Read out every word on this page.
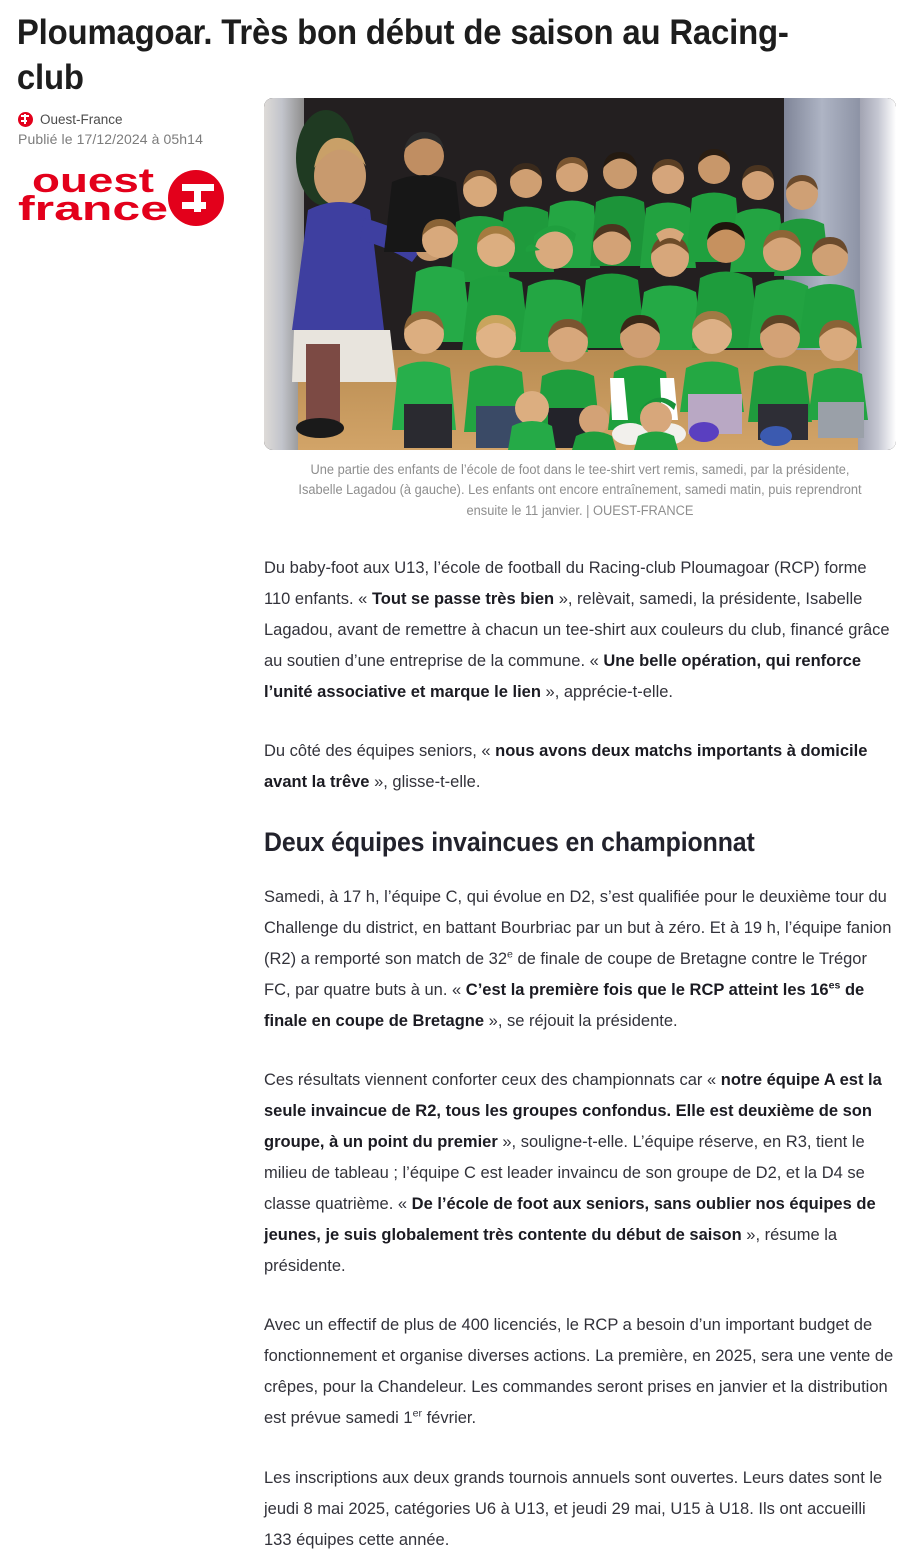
Ploumagoar. Très bon début de saison au Racing-club
Ouest-France
Publié le 17/12/2024 à 05h14
ouest
france
Une partie des enfants de l’école de foot dans le tee-shirt vert remis, samedi, par la présidente, Isabelle Lagadou (à gauche). Les enfants ont encore entraînement, samedi matin, puis reprendront ensuite le 11 janvier. | OUEST-FRANCE

Du baby-foot aux U13, l’école de football du Racing-club Ploumagoar (RCP) forme 110 enfants. « Tout se passe très bien », relèvait, samedi, la présidente, Isabelle Lagadou, avant de remettre à chacun un tee-shirt aux couleurs du club, financé grâce au soutien d’une entreprise de la commune. « Une belle opération, qui renforce l’unité associative et marque le lien », apprécie-t-elle.

Du côté des équipes seniors, « nous avons deux matchs importants à domicile avant la trêve », glisse-t-elle.

Deux équipes invaincues en championnat

Samedi, à 17 h, l’équipe C, qui évolue en D2, s’est qualifiée pour le deuxième tour du Challenge du district, en battant Bourbriac par un but à zéro. Et à 19 h, l’équipe fanion (R2) a remporté son match de 32e de finale de coupe de Bretagne contre le Trégor FC, par quatre buts à un. « C’est la première fois que le RCP atteint les $16^{es}$ de finale en coupe de Bretagne », se réjouit la présidente.

Ces résultats viennent conforter ceux des championnats car « notre équipe A est la seule invaincue de R2, tous les groupes confondus. Elle est deuxième de son groupe, à un point du premier », souligne-t-elle. L’équipe réserve, en R3, tient le milieu de tableau ; l’équipe C est leader invaincu de son groupe de D2, et la D4 se classe quatrième. « De l’école de foot aux seniors, sans oublier nos équipes de jeunes, je suis globalement très contente du début de saison », résume la présidente.

Avec un effectif de plus de 400 licenciés, le RCP a besoin d’un important budget de fonctionnement et organise diverses actions. La première, en 2025, sera une vente de crêpes, pour la Chandeleur. Les commandes seront prises en janvier et la distribution est prévue samedi 1er février.

Les inscriptions aux deux grands tournois annuels sont ouvertes. Leurs dates sont le jeudi 8 mai 2025, catégories U6 à U13, et jeudi 29 mai, U15 à U18. Ils ont accueilli 133 équipes cette année.
